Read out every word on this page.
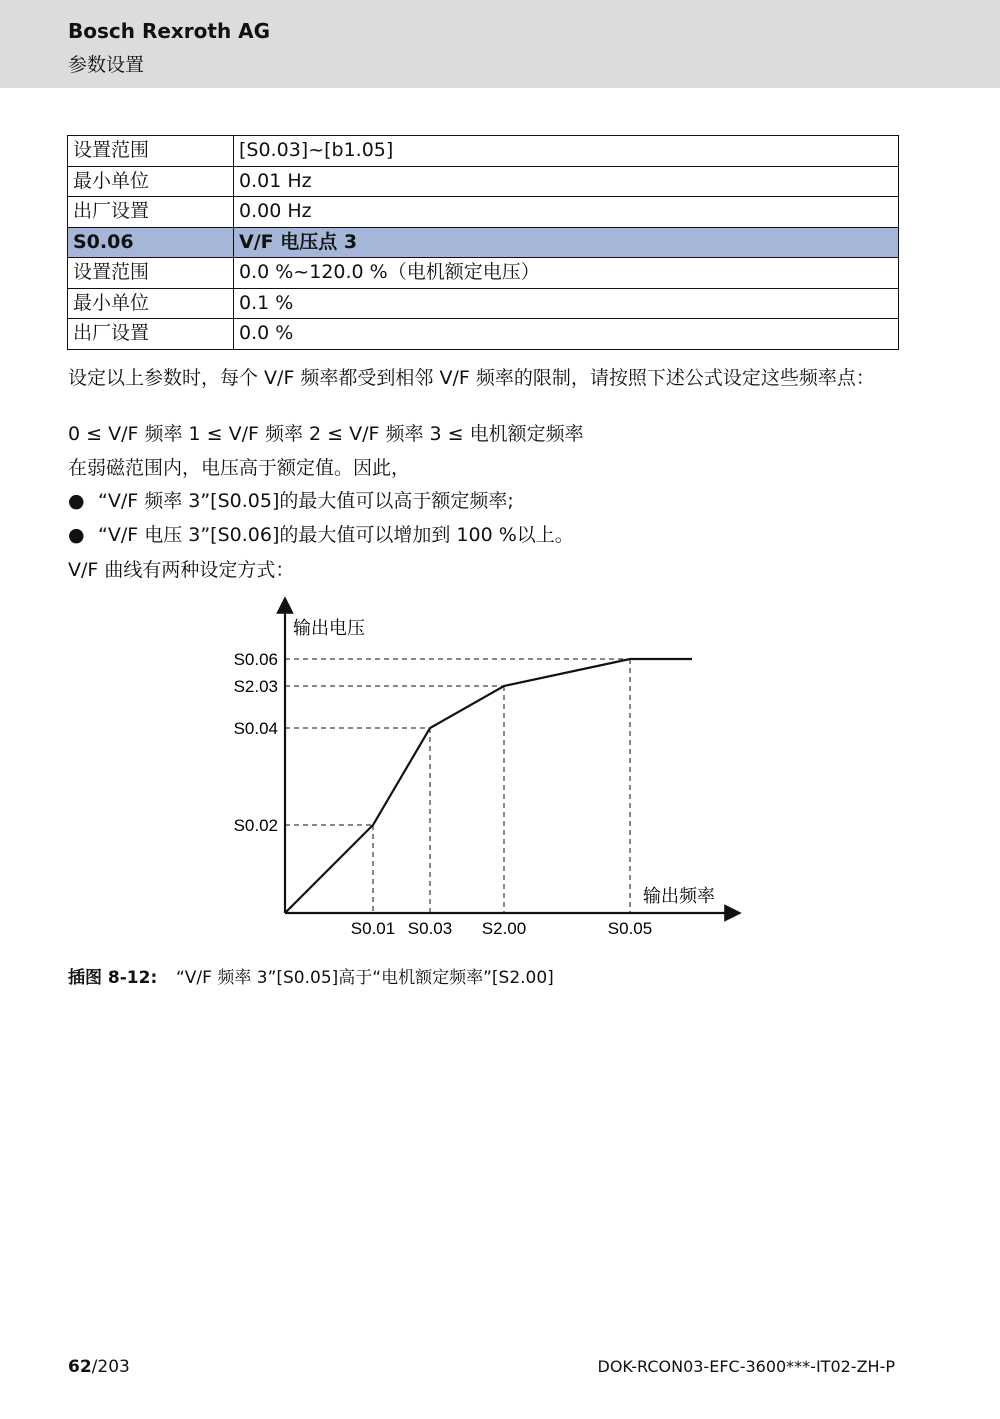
Bosch Rexroth AG
参数设置
设置范围	[S0.03]~[b1.05]
最小单位	0.01 Hz
出厂设置	0.00 Hz
S0.06	V/F 电压点 3
设置范围	0.0 %~120.0 %（电机额定电压）
最小单位	0.1 %
出厂设置	0.0 %
设定以上参数时，每个 V/F 频率都受到相邻 V/F 频率的限制，请按照下述公式设定这些频率点：
0 ≤ V/F 频率 1 ≤ V/F 频率 2 ≤ V/F 频率 3 ≤ 电机额定频率
在弱磁范围内，电压高于额定值。因此，
● “V/F 频率 3”[S0.05]的最大值可以高于额定频率;
● “V/F 电压 3”[S0.06]的最大值可以增加到 100 %以上。
V/F 曲线有两种设定方式：
输出电压
输出频率
S0.02
S0.04
S2.03
S0.06
S0.01 S0.03 S2.00	S0.05
插图 8-12: “V/F 频率 3”[S0.05]高于“电机额定频率”[S2.00]
62/203	DOK-RCON03-EFC-3600***-IT02-ZH-P
